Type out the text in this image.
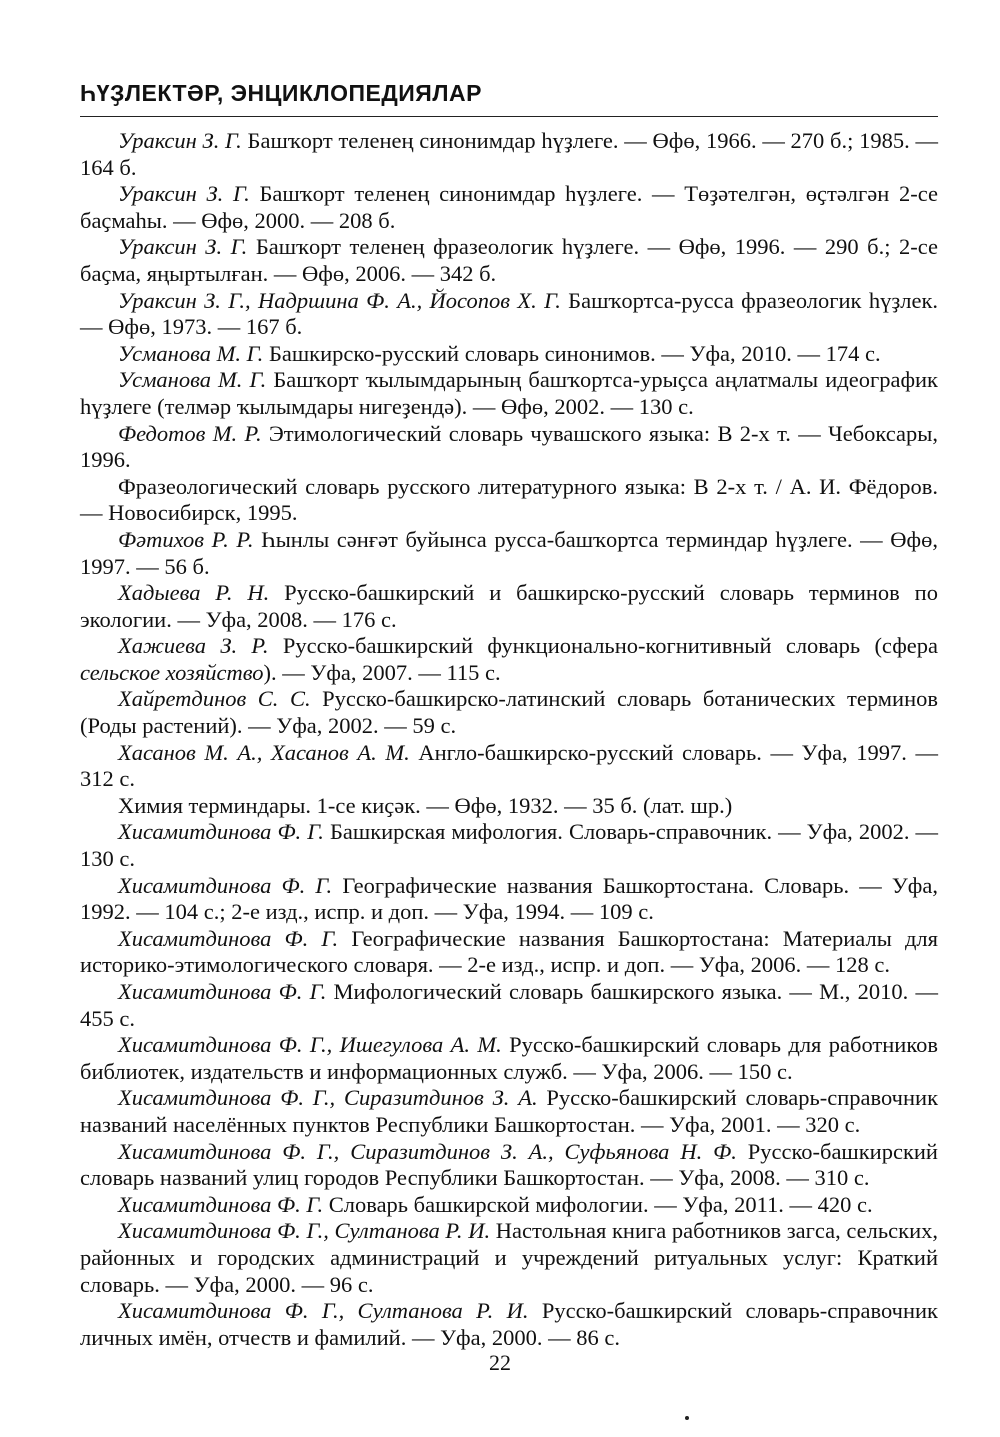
ҺҮҘЛЕКТӘР, ЭНЦИКЛОПЕДИЯЛАР

Ураксин З. Г. Башҡорт теленең синонимдар һүҙлеге. — Өфө, 1966. — 270 б.; 1985. — 164 б.

Ураксин З. Г. Башҡорт теленең синонимдар һүҙлеге. — Төҙәтелгән, өҫтәлгән 2-се баҫмаһы. — Өфө, 2000. — 208 б.

Ураксин З. Г. Башҡорт теленең фразеологик һүҙлеге. — Өфө, 1996. — 290 б.; 2-се баҫма, яңыртылған. — Өфө, 2006. — 342 б.

Ураксин З. Г., Надршина Ф. А., Йосопов Х. Г. Башҡортса-русса фразеологик һүҙлек. — Өфө, 1973. — 167 б.

Усманова М. Г. Башкирско-русский словарь синонимов. — Уфа, 2010. — 174 с.

Усманова М. Г. Башҡорт ҡылымдарының башҡортса-урыҫса аңлатмалы идеографик һүҙлеге (телмәр ҡылымдары нигеҙендә). — Өфө, 2002. — 130 с.

Федотов М. Р. Этимологический словарь чувашского языка: В 2-х т. — Чебоксары, 1996.

Фразеологический словарь русского литературного языка: В 2-х т. / А. И. Фёдоров. — Новосибирск, 1995.

Фәтихов Р. Р. Һынлы сәнғәт буйынса русса-башҡортса терминдар һүҙлеге. — Өфө, 1997. — 56 б.

Хадыева Р. Н. Русско-башкирский и башкирско-русский словарь терминов по экологии. — Уфа, 2008. — 176 с.

Хажиева З. Р. Русско-башкирский функционально-когнитивный словарь (сфера сельское хозяйство). — Уфа, 2007. — 115 с.

Хайретдинов С. С. Русско-башкирско-латинский словарь ботанических терминов (Роды растений). — Уфа, 2002. — 59 с.

Хасанов М. А., Хасанов А. М. Англо-башкирско-русский словарь. — Уфа, 1997. — 312 с.

Химия терминдары. 1-се киҫәк. — Өфө, 1932. — 35 б. (лат. шр.)

Хисамитдинова Ф. Г. Башкирская мифология. Словарь-справочник. — Уфа, 2002. — 130 с.

Хисамитдинова Ф. Г. Географические названия Башкортостана. Словарь. — Уфа, 1992. — 104 с.; 2-е изд., испр. и доп. — Уфа, 1994. — 109 с.

Хисамитдинова Ф. Г. Географические названия Башкортостана: Материалы для историко-этимологического словаря. — 2-е изд., испр. и доп. — Уфа, 2006. — 128 с.

Хисамитдинова Ф. Г. Мифологический словарь башкирского языка. — М., 2010. — 455 с.

Хисамитдинова Ф. Г., Ишегулова А. М. Русско-башкирский словарь для работников библиотек, издательств и информационных служб. — Уфа, 2006. — 150 с.

Хисамитдинова Ф. Г., Сиразитдинов З. А. Русско-башкирский словарь-справочник названий населённых пунктов Республики Башкортостан. — Уфа, 2001. — 320 с.

Хисамитдинова Ф. Г., Сиразитдинов З. А., Суфьянова Н. Ф. Русско-башкирский словарь названий улиц городов Республики Башкортостан. — Уфа, 2008. — 310 с.

Хисамитдинова Ф. Г. Словарь башкирской мифологии. — Уфа, 2011. — 420 с.

Хисамитдинова Ф. Г., Султанова Р. И. Настольная книга работников загса, сельских, районных и городских администраций и учреждений ритуальных услуг: Краткий словарь. — Уфа, 2000. — 96 с.

Хисамитдинова Ф. Г., Султанова Р. И. Русско-башкирский словарь-справочник личных имён, отчеств и фамилий. — Уфа, 2000. — 86 с.

22
